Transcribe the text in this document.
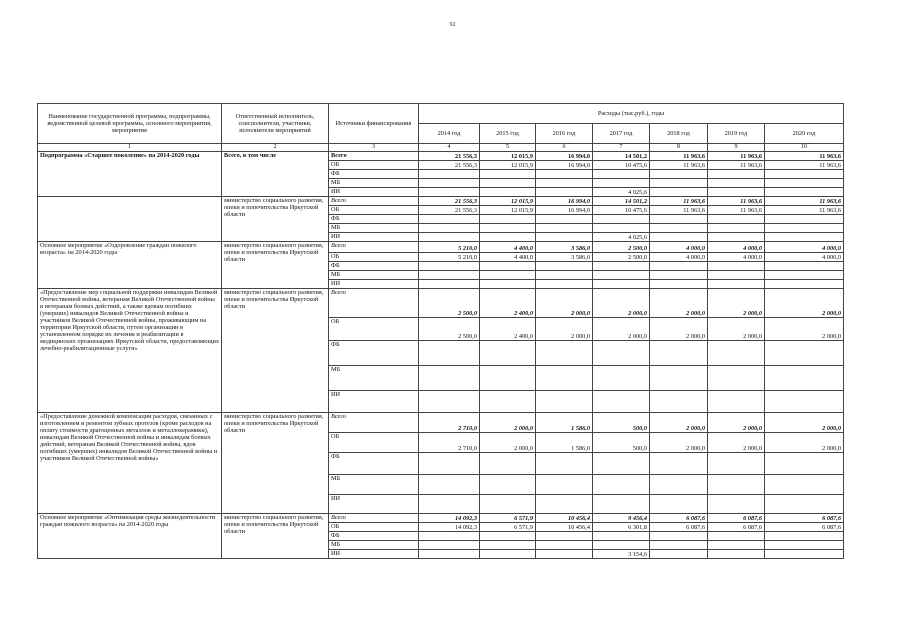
92
Наименование государственной программы, подпрограммы, ведомственной целевой программы, основного мероприятия, мероприятия	Ответственный исполнитель, соисполнители, участники, исполнители мероприятий	Источники финансирования	Расходы (тыс.руб.), годы						
			2014 год	2015 год	2016 год	2017 год	2018 год	2019 год	2020 год
1	2	3	4	5	6	7	8	9	10
Подпрограмма «Старшее поколение» на 2014-2020 годы	Всего, в том числе	Всего	21 556,3	12 015,9	16 994,0	14 501,2	11 963,6	11 963,6	11 963,6
		ОБ	21 556,3	12 015,9	16 994,0	10 475,6	11 963,6	11 963,6	11 963,6
		ФБ							
		МБ							
		ИИ				4 025,6			
	министерство социального развития, опеки и попечительства Иркутской области	Всего	21 556,3	12 015,9	16 994,0	14 501,2	11 963,6	11 963,6	11 963,6
		ОБ	21 556,3	12 015,9	16 994,0	10 475,6	11 963,6	11 963,6	11 963,6
		ФБ							
		МБ							
		ИИ				4 025,6			
Основное мероприятие «Оздоровление граждан пожилого возраста» на 2014-2020 годы	министерство социального развития, опеки и попечительства Иркутской области	Всего	5 210,0	4 400,0	3 586,0	2 500,0	4 000,0	4 000,0	4 000,0
		ОБ	5 210,0	4 400,0	3 586,0	2 500,0	4 000,0	4 000,0	4 000,0
		ФБ							
		МБ							
		ИИ							
«Предоставление мер социальной поддержки инвалидам Великой Отечественной войны, ветеранам Великой Отечественной войны и ветеранам боевых действий, а также вдовам погибших (умерших) инвалидов Великой Отечественной войны и участников Великой Отечественной войны, проживающим на территории Иркутской области, путем организации в установленном порядке их лечения и реабилитации в медицинских организациях Иркутской области, предоставляющих лечебно-реабилитационные услуги»	министерство социального развития, опеки и попечительства Иркутской области	Всего	2 500,0	2 400,0	2 000,0	2 000,0	2 000,0	2 000,0	2 000,0
		ОБ	2 500,0	2 400,0	2 000,0	2 000,0	2 000,0	2 000,0	2 000,0
		ФБ							
		МБ							
		ИИ							
«Предоставление денежной компенсации расходов, связанных с изготовлением и ремонтом зубных протезов (кроме расходов на оплату стоимости драгоценных металлов и металлокерамики), инвалидам Великой Отечественной войны и инвалидам боевых действий, ветеранам Великой Отечественной войны, вдов погибших (умерших) инвалидов Великой Отечественной войны и участников Великой Отечественной войны»	министерство социального развития, опеки и попечительства Иркутской области	Всего	2 710,0	2 000,0	1 586,0	500,0	2 000,0	2 000,0	2 000,0
		ОБ	2 710,0	2 000,0	1 586,0	500,0	2 000,0	2 000,0	2 000,0
		ФБ							
		МБ							
		ИИ							
Основное мероприятие «Оптимизация среды жизнедеятельности граждан пожилого возраста» на 2014-2020 годы	министерство социального развития, опеки и попечительства Иркутской области	Всего	14 092,3	6 571,9	10 456,4	9 456,4	6 087,6	6 087,6	6 087,6
		ОБ	14 092,3	6 571,9	10 456,4	6 301,8	6 087,6	6 087,6	6 087,6
		ФБ							
		МБ							
		ИИ				3 154,6			
